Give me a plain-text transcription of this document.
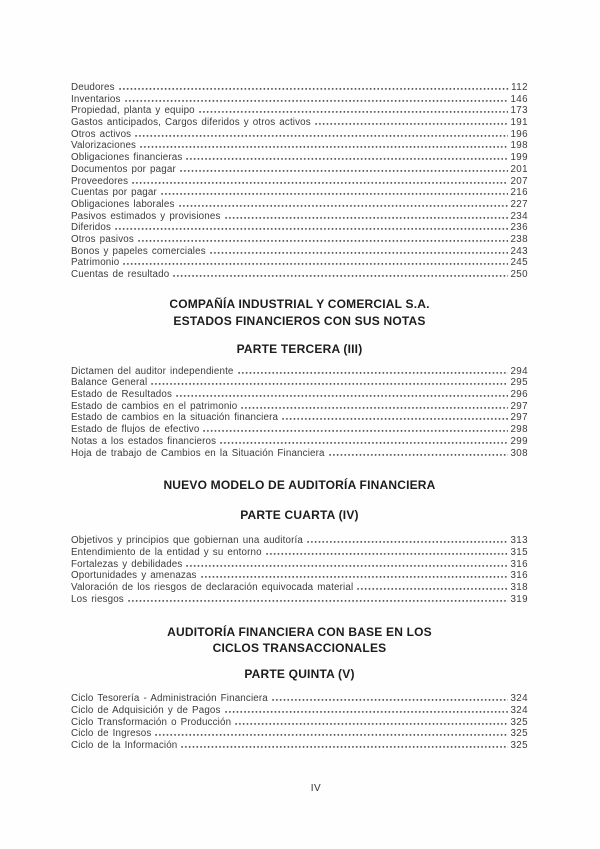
Deudores	112
Inventarios	146
Propiedad, planta y equipo	173
Gastos anticipados, Cargos diferidos y otros activos	191
Otros activos	196
Valorizaciones	198
Obligaciones financieras	199
Documentos por pagar	201
Proveedores	207
Cuentas por pagar	216
Obligaciones laborales	227
Pasivos estimados y provisiones	234
Diferidos	236
Otros pasivos	238
Bonos y papeles comerciales	243
Patrimonio	245
Cuentas de resultado	250
COMPAÑÍA INDUSTRIAL Y COMERCIAL S.A.
ESTADOS FINANCIEROS CON SUS NOTAS
PARTE TERCERA (III)
Dictamen del auditor independiente	294
Balance General	295
Estado de Resultados	296
Estado de cambios en el patrimonio	297
Estado de cambios en la situación financiera	297
Estado de flujos de efectivo	298
Notas a los estados financieros	299
Hoja de trabajo de Cambios en la Situación Financiera	308
NUEVO MODELO DE AUDITORÍA FINANCIERA
PARTE CUARTA (IV)
Objetivos y principios que gobiernan una auditoría	313
Entendimiento de la entidad y su entorno	315
Fortalezas y debilidades	316
Oportunidades y amenazas	316
Valoración de los riesgos de declaración equivocada material	318
Los riesgos	319
AUDITORÍA FINANCIERA CON BASE EN LOS
CICLOS TRANSACCIONALES
PARTE QUINTA (V)
Ciclo Tesorería - Administración Financiera	324
Ciclo de Adquisición y de Pagos	324
Ciclo Transformación o Producción	325
Ciclo de Ingresos	325
Ciclo de la Información	325
IV
